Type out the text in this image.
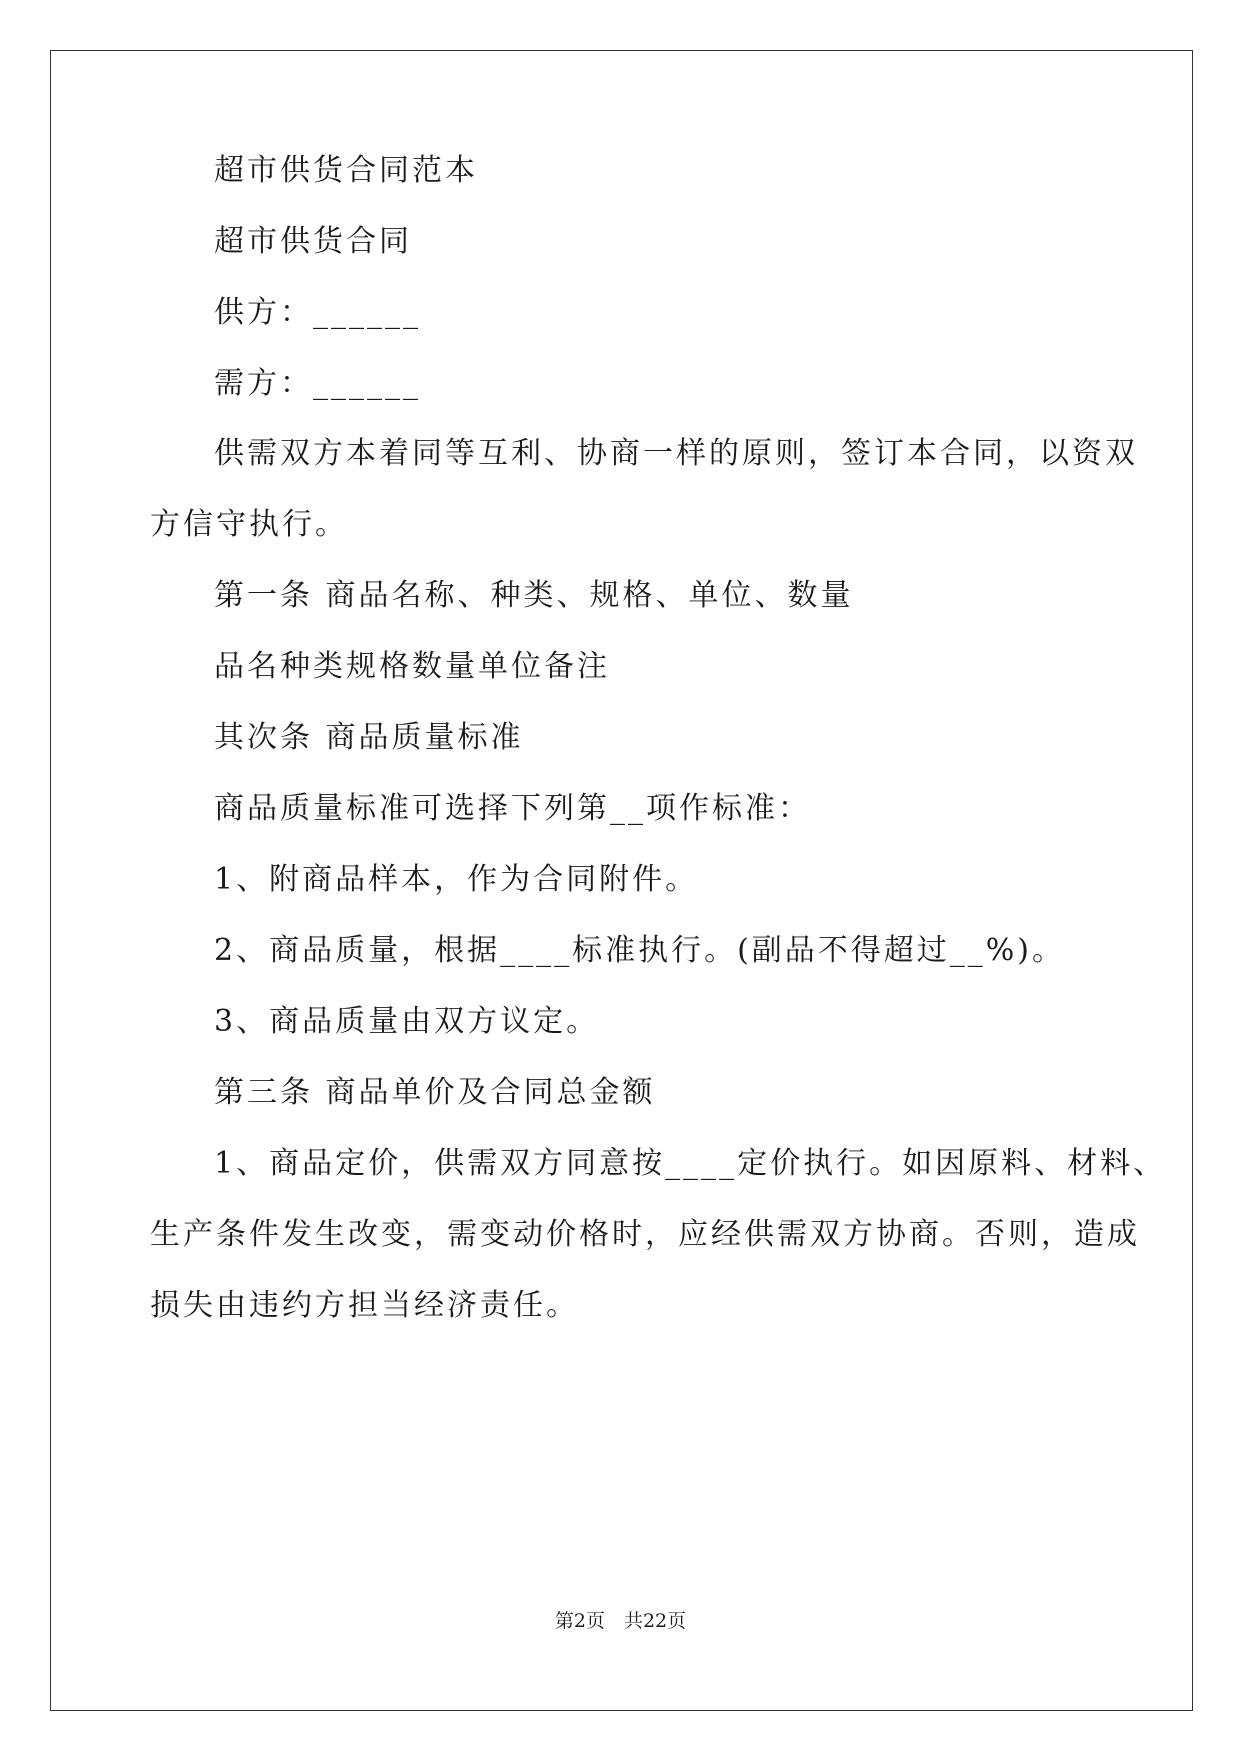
超市供货合同范本
超市供货合同
供方：______
需方：______
供需双方本着同等互利、协商一样的原则，签订本合同，以资双
方信守执行。
第一条 商品名称、种类、规格、单位、数量
品名种类规格数量单位备注
其次条 商品质量标准
商品质量标准可选择下列第__项作标准：
1、附商品样本，作为合同附件。
2、商品质量，根据____标准执行。(副品不得超过__%)。
3、商品质量由双方议定。
第三条 商品单价及合同总金额
1、商品定价，供需双方同意按____定价执行。如因原料、材料、
生产条件发生改变，需变动价格时，应经供需双方协商。否则，造成
损失由违约方担当经济责任。
第2页　共22页
